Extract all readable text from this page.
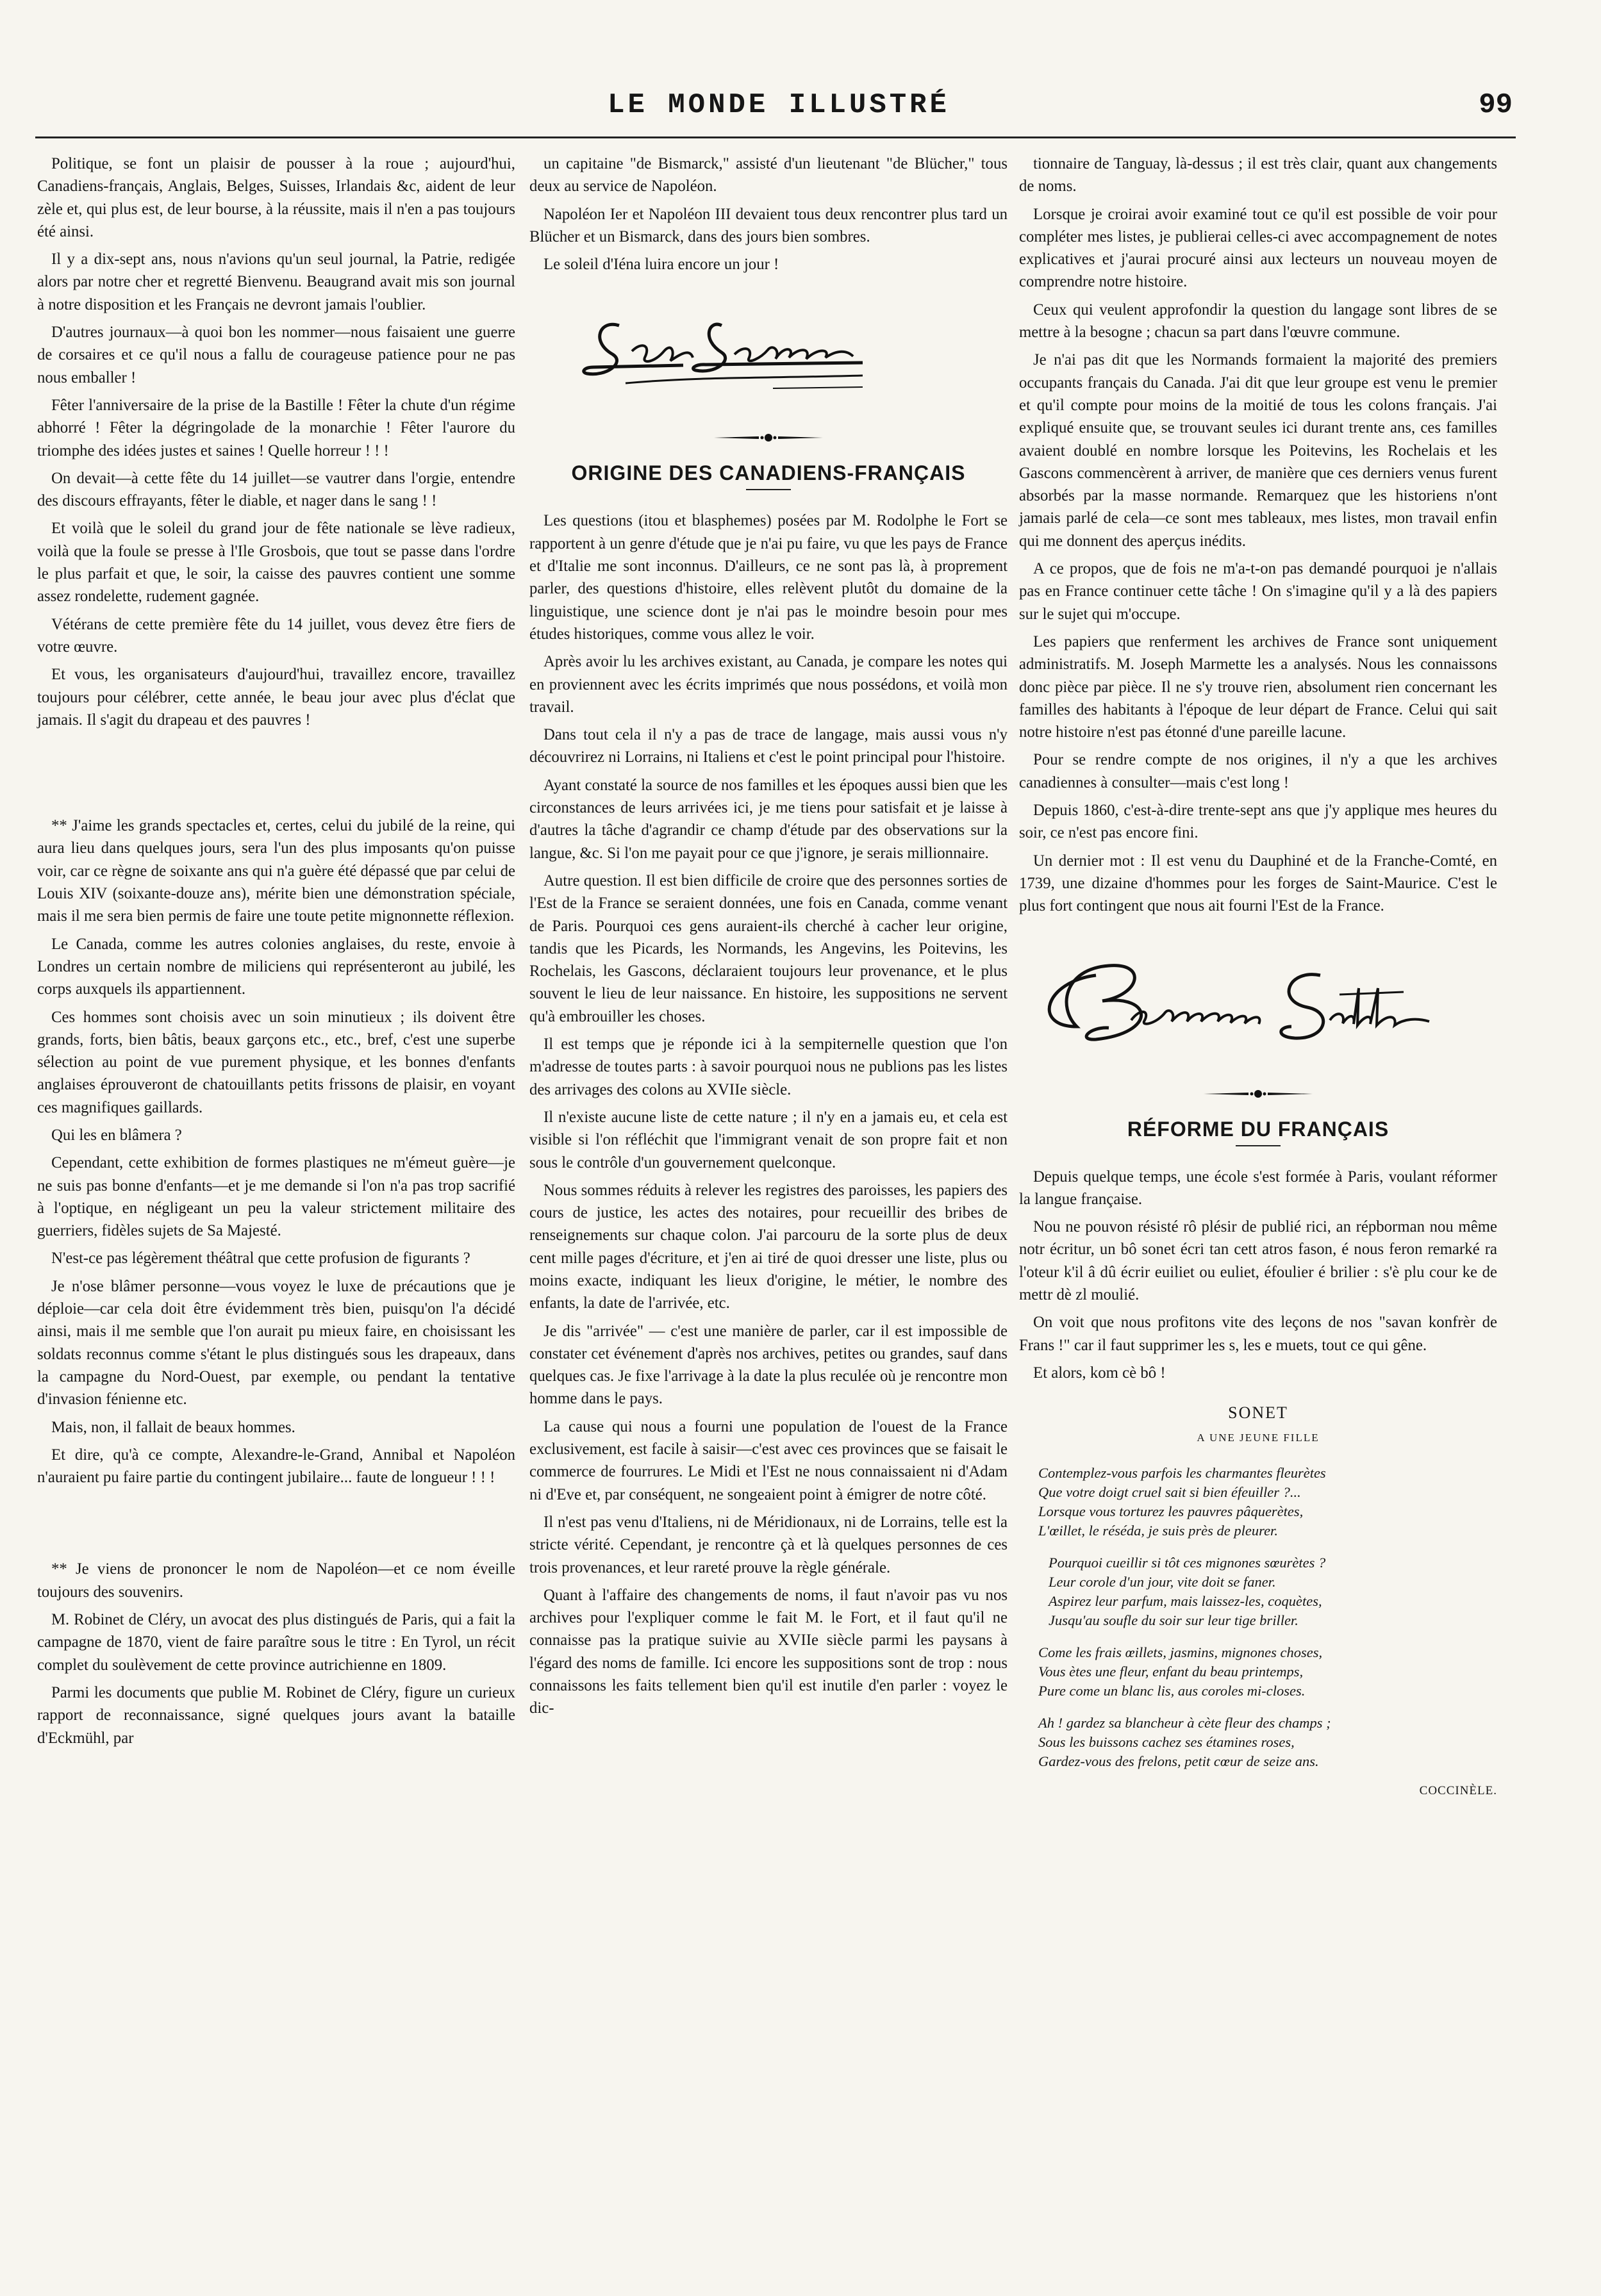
LE MONDE ILLUSTRÉ	99

Politique, se font un plaisir de pousser à la roue ; aujourd'hui, Canadiens-français, Anglais, Belges, Suisses, Irlandais &c, aident de leur zèle et, qui plus est, de leur bourse, à la réussite, mais il n'en a pas toujours été ainsi.

Il y a dix-sept ans, nous n'avions qu'un seul journal, la Patrie, redigée alors par notre cher et regretté Bienvenu. Beaugrand avait mis son journal à notre disposition et les Français ne devront jamais l'oublier.

D'autres journaux—à quoi bon les nommer—nous faisaient une guerre de corsaires et ce qu'il nous a fallu de courageuse patience pour ne pas nous emballer !

Fêter l'anniversaire de la prise de la Bastille ! Fêter la chute d'un régime abhorré ! Fêter la dégringolade de la monarchie ! Fêter l'aurore du triomphe des idées justes et saines ! Quelle horreur ! ! !

On devait—à cette fête du 14 juillet—se vautrer dans l'orgie, entendre des discours effrayants, fêter le diable, et nager dans le sang ! !

Et voilà que le soleil du grand jour de fête nationale se lève radieux, voilà que la foule se presse à l'Ile Grosbois, que tout se passe dans l'ordre le plus parfait et que, le soir, la caisse des pauvres contient une somme assez rondelette, rudement gagnée.

Vétérans de cette première fête du 14 juillet, vous devez être fiers de votre œuvre.

Et vous, les organisateurs d'aujourd'hui, travaillez encore, travaillez toujours pour célébrer, cette année, le beau jour avec plus d'éclat que jamais. Il s'agit du drapeau et des pauvres !

** J'aime les grands spectacles et, certes, celui du jubilé de la reine, qui aura lieu dans quelques jours, sera l'un des plus imposants qu'on puisse voir, car ce règne de soixante ans qui n'a guère été dépassé que par celui de Louis XIV (soixante-douze ans), mérite bien une démonstration spéciale, mais il me sera bien permis de faire une toute petite mignonnette réflexion.

Le Canada, comme les autres colonies anglaises, du reste, envoie à Londres un certain nombre de miliciens qui représenteront au jubilé, les corps auxquels ils appartiennent.

Ces hommes sont choisis avec un soin minutieux ; ils doivent être grands, forts, bien bâtis, beaux garçons etc., etc., bref, c'est une superbe sélection au point de vue purement physique, et les bonnes d'enfants anglaises éprouveront de chatouillants petits frissons de plaisir, en voyant ces magnifiques gaillards.

Qui les en blâmera ?

Cependant, cette exhibition de formes plastiques ne m'émeut guère—je ne suis pas bonne d'enfants—et je me demande si l'on n'a pas trop sacrifié à l'optique, en négligeant un peu la valeur strictement militaire des guerriers, fidèles sujets de Sa Majesté.

N'est-ce pas légèrement théâtral que cette profusion de figurants ?

Je n'ose blâmer personne—vous voyez le luxe de précautions que je déploie—car cela doit être évidemment très bien, puisqu'on l'a décidé ainsi, mais il me semble que l'on aurait pu mieux faire, en choisissant les soldats reconnus comme s'étant le plus distingués sous les drapeaux, dans la campagne du Nord-Ouest, par exemple, ou pendant la tentative d'invasion fénienne etc.

Mais, non, il fallait de beaux hommes.

Et dire, qu'à ce compte, Alexandre-le-Grand, Annibal et Napoléon n'auraient pu faire partie du contingent jubilaire... faute de longueur ! ! !

** Je viens de prononcer le nom de Napoléon—et ce nom éveille toujours des souvenirs.

M. Robinet de Cléry, un avocat des plus distingués de Paris, qui a fait la campagne de 1870, vient de faire paraître sous le titre : En Tyrol, un récit complet du soulèvement de cette province autrichienne en 1809.

Parmi les documents que publie M. Robinet de Cléry, figure un curieux rapport de reconnaissance, signé quelques jours avant la bataille d'Eckmühl, par

un capitaine "de Bismarck," assisté d'un lieutenant "de Blücher," tous deux au service de Napoléon.

Napoléon Ier et Napoléon III devaient tous deux rencontrer plus tard un Blücher et un Bismarck, dans des jours bien sombres.

Le soleil d'Iéna luira encore un jour !

ORIGINE DES CANADIENS-FRANÇAIS

Les questions (itou et blasphemes) posées par M. Rodolphe le Fort se rapportent à un genre d'étude que je n'ai pu faire, vu que les pays de France et d'Italie me sont inconnus. D'ailleurs, ce ne sont pas là, à proprement parler, des questions d'histoire, elles relèvent plutôt du domaine de la linguistique, une science dont je n'ai pas le moindre besoin pour mes études historiques, comme vous allez le voir.

Après avoir lu les archives existant, au Canada, je compare les notes qui en proviennent avec les écrits imprimés que nous possédons, et voilà mon travail.

Dans tout cela il n'y a pas de trace de langage, mais aussi vous n'y découvrirez ni Lorrains, ni Italiens et c'est le point principal pour l'histoire.

Ayant constaté la source de nos familles et les époques aussi bien que les circonstances de leurs arrivées ici, je me tiens pour satisfait et je laisse à d'autres la tâche d'agrandir ce champ d'étude par des observations sur la langue, &c. Si l'on me payait pour ce que j'ignore, je serais millionnaire.

Autre question. Il est bien difficile de croire que des personnes sorties de l'Est de la France se seraient données, une fois en Canada, comme venant de Paris. Pourquoi ces gens auraient-ils cherché à cacher leur origine, tandis que les Picards, les Normands, les Angevins, les Poitevins, les Rochelais, les Gascons, déclaraient toujours leur provenance, et le plus souvent le lieu de leur naissance. En histoire, les suppositions ne servent qu'à embrouiller les choses.

Il est temps que je réponde ici à la sempiternelle question que l'on m'adresse de toutes parts : à savoir pourquoi nous ne publions pas les listes des arrivages des colons au XVIIe siècle.

Il n'existe aucune liste de cette nature ; il n'y en a jamais eu, et cela est visible si l'on réfléchit que l'immigrant venait de son propre fait et non sous le contrôle d'un gouvernement quelconque.

Nous sommes réduits à relever les registres des paroisses, les papiers des cours de justice, les actes des notaires, pour recueillir des bribes de renseignements sur chaque colon. J'ai parcouru de la sorte plus de deux cent mille pages d'écriture, et j'en ai tiré de quoi dresser une liste, plus ou moins exacte, indiquant les lieux d'origine, le métier, le nombre des enfants, la date de l'arrivée, etc.

Je dis "arrivée" — c'est une manière de parler, car il est impossible de constater cet événement d'après nos archives, petites ou grandes, sauf dans quelques cas. Je fixe l'arrivage à la date la plus reculée où je rencontre mon homme dans le pays.

La cause qui nous a fourni une population de l'ouest de la France exclusivement, est facile à saisir—c'est avec ces provinces que se faisait le commerce de fourrures. Le Midi et l'Est ne nous connaissaient ni d'Adam ni d'Eve et, par conséquent, ne songeaient point à émigrer de notre côté.

Il n'est pas venu d'Italiens, ni de Méridionaux, ni de Lorrains, telle est la stricte vérité. Cependant, je rencontre çà et là quelques personnes de ces trois provenances, et leur rareté prouve la règle générale.

Quant à l'affaire des changements de noms, il faut n'avoir pas vu nos archives pour l'expliquer comme le fait M. le Fort, et il faut qu'il ne connaisse pas la pratique suivie au XVIIe siècle parmi les paysans à l'égard des noms de famille. Ici encore les suppositions sont de trop : nous connaissons les faits tellement bien qu'il est inutile d'en parler : voyez le dic-

tionnaire de Tanguay, là-dessus ; il est très clair, quant aux changements de noms.

Lorsque je croirai avoir examiné tout ce qu'il est possible de voir pour compléter mes listes, je publierai celles-ci avec accompagnement de notes explicatives et j'aurai procuré ainsi aux lecteurs un nouveau moyen de comprendre notre histoire.

Ceux qui veulent approfondir la question du langage sont libres de se mettre à la besogne ; chacun sa part dans l'œuvre commune.

Je n'ai pas dit que les Normands formaient la majorité des premiers occupants français du Canada. J'ai dit que leur groupe est venu le premier et qu'il compte pour moins de la moitié de tous les colons français. J'ai expliqué ensuite que, se trouvant seules ici durant trente ans, ces familles avaient doublé en nombre lorsque les Poitevins, les Rochelais et les Gascons commencèrent à arriver, de manière que ces derniers venus furent absorbés par la masse normande. Remarquez que les historiens n'ont jamais parlé de cela—ce sont mes tableaux, mes listes, mon travail enfin qui me donnent des aperçus inédits.

A ce propos, que de fois ne m'a-t-on pas demandé pourquoi je n'allais pas en France continuer cette tâche ! On s'imagine qu'il y a là des papiers sur le sujet qui m'occupe.

Les papiers que renferment les archives de France sont uniquement administratifs. M. Joseph Marmette les a analysés. Nous les connaissons donc pièce par pièce. Il ne s'y trouve rien, absolument rien concernant les familles des habitants à l'époque de leur départ de France. Celui qui sait notre histoire n'est pas étonné d'une pareille lacune.

Pour se rendre compte de nos origines, il n'y a que les archives canadiennes à consulter—mais c'est long !

Depuis 1860, c'est-à-dire trente-sept ans que j'y applique mes heures du soir, ce n'est pas encore fini.

Un dernier mot : Il est venu du Dauphiné et de la Franche-Comté, en 1739, une dizaine d'hommes pour les forges de Saint-Maurice. C'est le plus fort contingent que nous ait fourni l'Est de la France.

RÉFORME DU FRANÇAIS

Depuis quelque temps, une école s'est formée à Paris, voulant réformer la langue française.

Nou ne pouvon résisté rô plésir de publié rici, an répborman nou même notr écritur, un bô sonet écri tan cett atros fason, é nous feron remarké ra l'oteur k'il â dû écrir euiliet ou euliet, éfoulier é brilier : s'è plu cour ke de mettr dè zl moulié.

On voit que nous profitons vite des leçons de nos "savan konfrèr de Frans !" car il faut supprimer les s, les e muets, tout ce qui gêne.

Et alors, kom cè bô !

SONET
A UNE JEUNE FILLE
Contemplez-vous parfois les charmantes fleurètes
Que votre doigt cruel sait si bien éfeuiller ?...
Lorsque vous torturez les pauvres pâquerètes,
L'œillet, le réséda, je suis près de pleurer.
Pourquoi cueillir si tôt ces mignones sœurètes ?
Leur corole d'un jour, vite doit se faner.
Aspirez leur parfum, mais laissez-les, coquètes,
Jusqu'au soufle du soir sur leur tige briller.
Come les frais œillets, jasmins, mignones choses,
Vous ètes une fleur, enfant du beau printemps,
Pure come un blanc lis, aus coroles mi-closes.
Ah ! gardez sa blancheur à cète fleur des champs ;
Sous les buissons cachez ses étamines roses,
Gardez-vous des frelons, petit cœur de seize ans.
COCCINÈLE.
